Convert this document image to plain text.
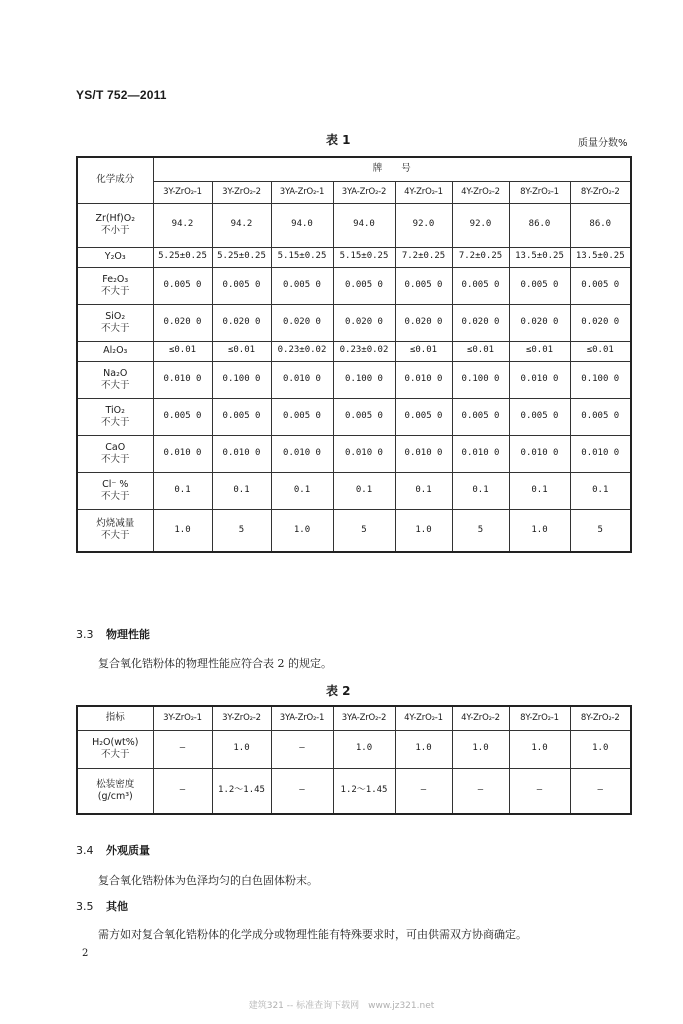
YS/T 752—2011
表 1	质量分数%
化学成分	牌　　号							
	3Y-ZrO₂-1	3Y-ZrO₂-2	3YA-ZrO₂-1	3YA-ZrO₂-2	4Y-ZrO₂-1	4Y-ZrO₂-2	8Y-ZrO₂-1	8Y-ZrO₂-2

Zr(Hf)O₂
不小于	94.2	94.2	94.0	94.0	92.0	92.0	86.0	86.0

Y₂O₃	5.25±0.25	5.25±0.25	5.15±0.25	5.15±0.25	7.2±0.25	7.2±0.25	13.5±0.25	13.5±0.25

Fe₂O₃
不大于	0.005 0	0.005 0	0.005 0	0.005 0	0.005 0	0.005 0	0.005 0	0.005 0

SiO₂
不大于	0.020 0	0.020 0	0.020 0	0.020 0	0.020 0	0.020 0	0.020 0	0.020 0

Al₂O₃	≤0.01	≤0.01	0.23±0.02	0.23±0.02	≤0.01	≤0.01	≤0.01	≤0.01

Na₂O
不大于	0.010 0	0.100 0	0.010 0	0.100 0	0.010 0	0.100 0	0.010 0	0.100 0

TiO₂
不大于	0.005 0	0.005 0	0.005 0	0.005 0	0.005 0	0.005 0	0.005 0	0.005 0

CaO
不大于	0.010 0	0.010 0	0.010 0	0.010 0	0.010 0	0.010 0	0.010 0	0.010 0

Cl⁻ %
不大于	0.1	0.1	0.1	0.1	0.1	0.1	0.1	0.1

灼烧减量
不大于	1.0	5	1.0	5	1.0	5	1.0	5
3.3 物理性能
复合氧化锆粉体的物理性能应符合表 2 的规定。
表 2
指标	3Y-ZrO₂-1	3Y-ZrO₂-2	3YA-ZrO₂-1	3YA-ZrO₂-2	4Y-ZrO₂-1	4Y-ZrO₂-2	8Y-ZrO₂-1	8Y-ZrO₂-2

H₂O(wt%)
不大于	—	1.0	—	1.0	1.0	1.0	1.0	1.0

松装密度
(g/cm³)	—	1.2～1.45	—	1.2～1.45	—	—	—	—
3.4 外观质量
复合氧化锆粉体为色泽均匀的白色固体粉末。
3.5 其他
需方如对复合氧化锆粉体的化学成分或物理性能有特殊要求时，可由供需双方协商确定。
2
建筑321 -- 标准查询下载网　www.jz321.net
